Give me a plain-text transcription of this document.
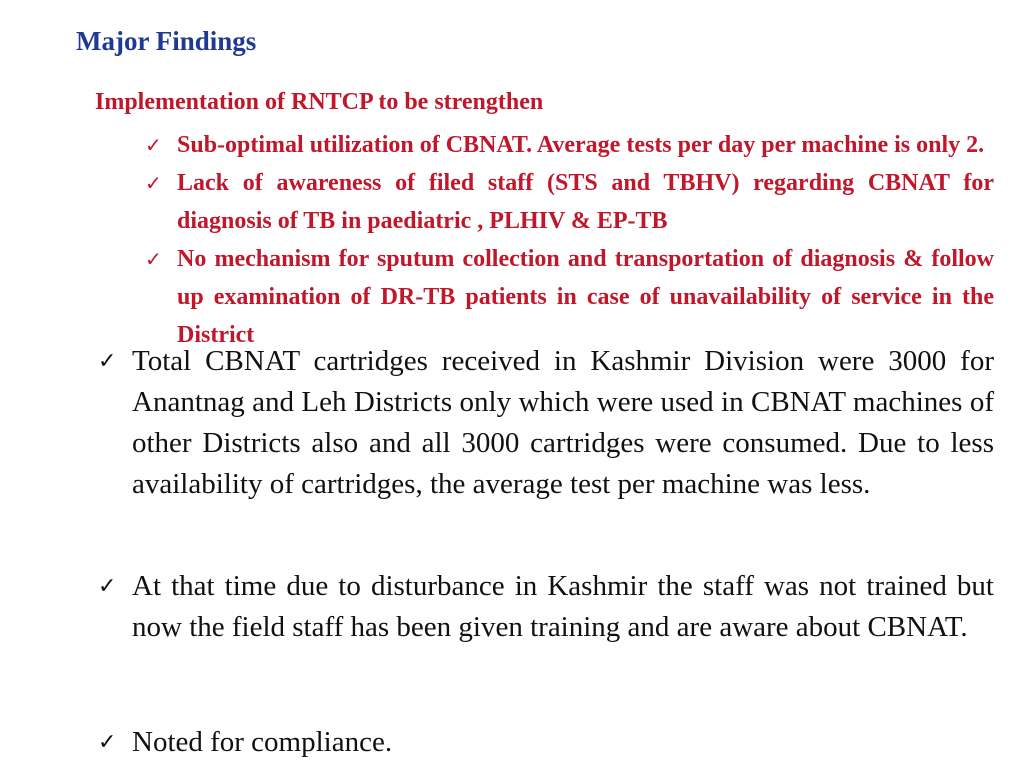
Major Findings
Implementation of RNTCP to be strengthen
✓ Sub-optimal utilization of CBNAT. Average tests per day per machine is only 2.
✓ Lack of awareness of filed staff (STS and TBHV) regarding CBNAT for diagnosis of TB in paediatric , PLHIV & EP-TB
✓ No mechanism for sputum collection and transportation of diagnosis & follow up examination of DR-TB patients in case of unavailability of service in the District
✓ Total CBNAT cartridges received in Kashmir Division were 3000 for Anantnag and Leh Districts only which were used in CBNAT machines of other Districts also and all 3000 cartridges were consumed. Due to less availability of cartridges, the average test per machine was less.
✓ At that time due to disturbance in Kashmir the staff was not trained but now the field staff has been given training and are aware about CBNAT.
✓ Noted for compliance.
